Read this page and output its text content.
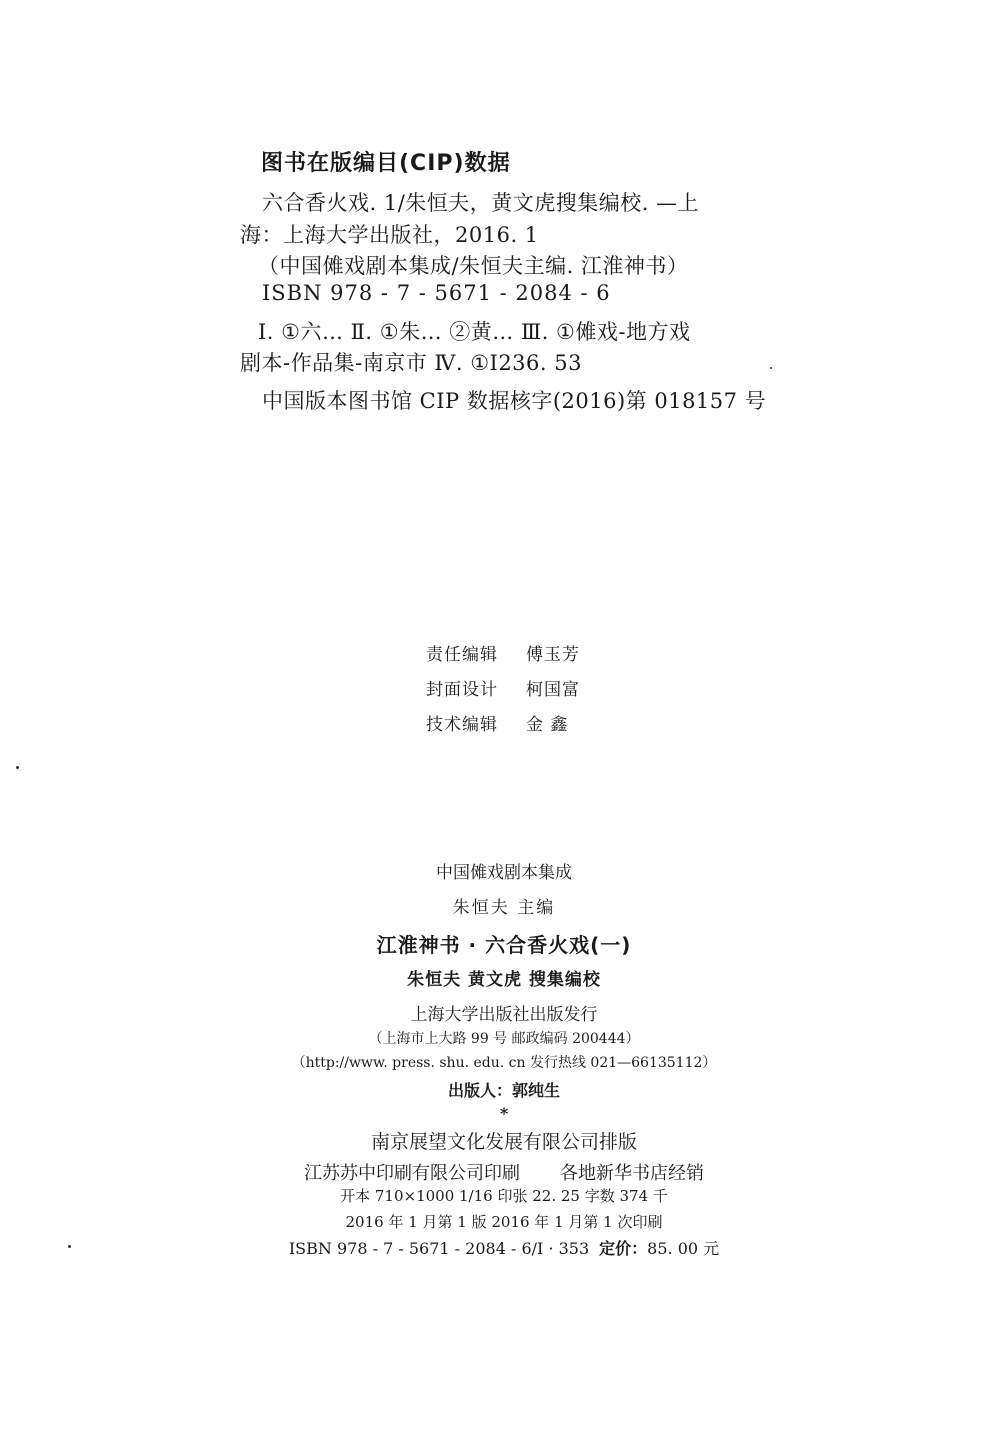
图书在版编目(CIP)数据
六合香火戏. 1/朱恒夫，黄文虎搜集编校. —上
海：上海大学出版社，2016. 1
（中国傩戏剧本集成/朱恒夫主编. 江淮神书）
ISBN 978 - 7 - 5671 - 2084 - 6
Ⅰ. ①六… Ⅱ. ①朱… ②黄… Ⅲ. ①傩戏-地方戏
剧本-作品集-南京市 Ⅳ. ①I236. 53
中国版本图书馆 CIP 数据核字(2016)第 018157 号
责任编辑 傅玉芳
封面设计 柯国富
技术编辑 金 鑫
中国傩戏剧本集成
朱恒夫 主编
江淮神书 · 六合香火戏(一)
朱恒夫 黄文虎 搜集编校
上海大学出版社出版发行
（上海市上大路 99 号 邮政编码 200444）
（http://www. press. shu. edu. cn 发行热线 021—66135112）
出版人：郭纯生
*
南京展望文化发展有限公司排版
江苏苏中印刷有限公司印刷 各地新华书店经销
开本 710×1000 1/16 印张 22. 25 字数 374 千
2016 年 1 月第 1 版 2016 年 1 月第 1 次印刷
ISBN 978 - 7 - 5671 - 2084 - 6/I · 353 定价：85. 00 元
